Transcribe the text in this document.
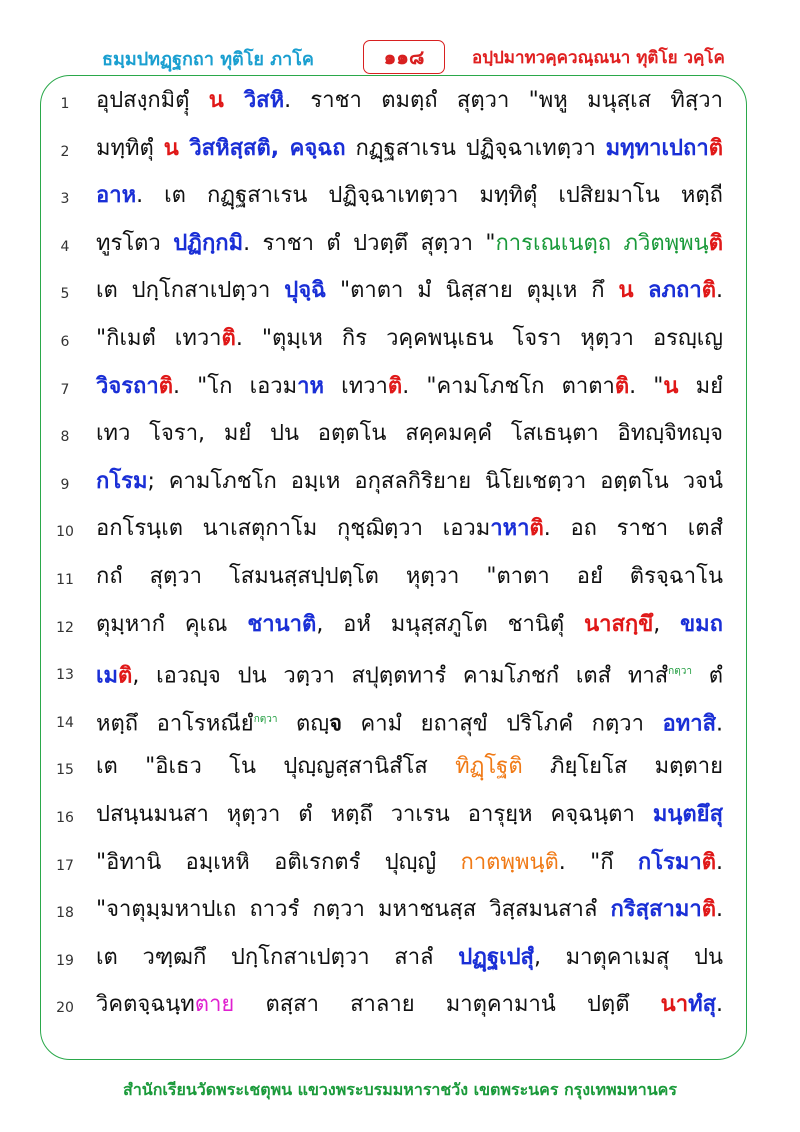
ธมฺมปทฏฺฐกถา ทุติโย ภาโค	๑๑๘	อปฺปมาทวคฺควณฺณนา ทุติโย วคฺโค
1	อุปสงฺกมิตฺุํ น วิสหิ. ราชา ตมตฺถํ สุตฺวา "พหู มนุสฺเส ทิสฺวา
2	มทฺทิตุํ น วิสหิสฺสติ, คจฺฉถ กฏฺฐสาเรน ปฏิจฺฉาเทตฺวา มทฺทาเปถาติ
3	อาห. เต กฏฺฐสาเรน ปฏิจฺฉาเทตฺวา มทฺทิตุํ เปสิยมาโน หตฺถี
4	ทูรโตว ปฏิกฺกมิ. ราชา ตํ ปวตฺตึ สุตฺวา "การเณเนตฺถ ภวิตพฺพนฺติ
5	เต ปกฺโกสาเปตฺวา ปุจฺฉิ "ตาตา มํ นิสฺสาย ตุมฺเห กึ น ลภถาติ.
6	"กิเมตํ เทวาติ. "ตุมฺเห กิร วคฺคพนฺเธน โจรา หุตฺวา อรญฺเญ
7	วิจรถาติ. "โก เอวมาห เทวาติ. "คามโภชโก ตาตาติ. "น มยํ
8	เทว โจรา, มยํ ปน อตฺตโน สคฺคมคฺคํ โสเธนฺตา อิทญฺจิทญฺจ
9	กโรม; คามโภชโก อมฺเห อกุสลกิริยาย นิโยเชตฺวา อตฺตโน วจนํ
10 อกโรนฺเต นาเสตุกาโม กุชฺฌิตฺวา เอวมาหาติ. อถ ราชา เตสํ
11 กถํ สุตฺวา โสมนสฺสปฺปตฺโต หุตฺวา "ตาตา อยํ ติรจฺฉาโน
12 ตุมฺหากํ คุเณ ชานาติ, อหํ มนุสฺสภูโต ชานิตุํ นาสกฺขึ, ขมถ
13 เมติ, เอวญฺจ ปน วตฺวา สปุตฺตทารํ คามโภชกํ เตสํ ทาสํ$^{กตฺวา}$ ตํ
14 หตฺถึ อาโรหณียํ$^{กตฺวา}$ ตญฺจ คามํ ยถาสุขํ ปริโภคํ กตฺวา อทาสิ.
15 เต "อิเธว โน ปุญฺญสฺสานิสํโส ทิฏฺโฐติ ภิยฺโยโส มตฺตาย
16 ปสนฺนมนสา หุตฺวา ตํ หตฺถึ วาเรน อารุยฺห คจฺฉนฺตา มนฺตยึสุ
17 "อิทานิ อมฺเหหิ อติเรกตรํ ปุญฺญํ กาตพฺพนฺติ. "กึ กโรมาติ.
18 "จาตุมฺมหาปเถ ถาวรํ กตฺวา มหาชนสฺส วิสฺสมนสาลํ กริสฺสามาติ.
19 เต วฑฺฒกึ ปกฺโกสาเปตฺวา สาลํ ปฏฺฐเปสุํ, มาตุคาเมสุ ปน
20 วิคตจฺฉนฺทตาย ตสฺสา สาลาย มาตุคามานํ ปตฺตึ นาทํสุ.
สำนักเรียนวัดพระเชตุพน แขวงพระบรมมหาราชวัง เขตพระนคร กรุงเทพมหานคร
